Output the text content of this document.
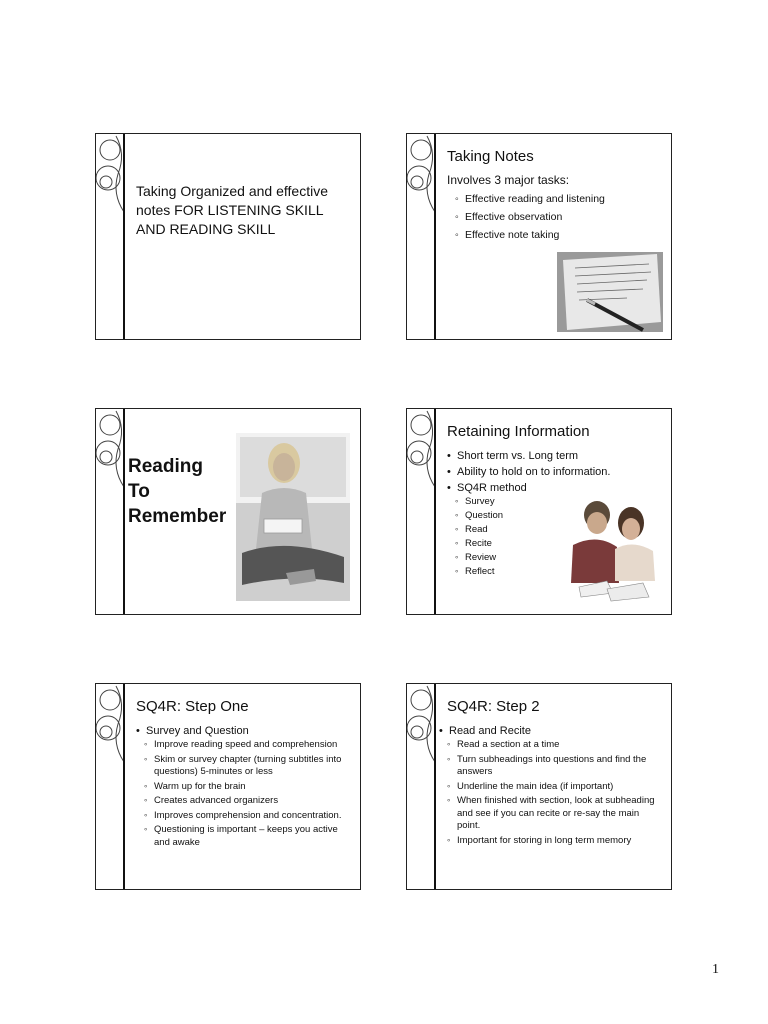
Taking Organized and effective notes FOR LISTENING SKILL AND READING SKILL
Taking Notes
Involves 3 major tasks:
◦ Effective reading and listening
◦ Effective observation
◦ Effective note taking
Reading
To
Remember
Retaining Information
• Short term vs. Long term
• Ability to hold on to information.
• SQ4R method
◦ Survey
◦ Question
◦ Read
◦ Recite
◦ Review
◦ Reflect
SQ4R: Step One
• Survey and Question
◦ Improve reading speed and comprehension
◦ Skim or survey chapter (turning subtitles into questions) 5-minutes or less
◦ Warm up for the brain
◦ Creates advanced organizers
◦ Improves comprehension and concentration.
◦ Questioning is important – keeps you active and awake
SQ4R: Step 2
• Read and Recite
◦ Read a section at a time
◦ Turn subheadings into questions and find the answers
◦ Underline the main idea (if important)
◦ When finished with section, look at subheading and see if you can recite or re-say the main point.
◦ Important for storing in long term memory
1
